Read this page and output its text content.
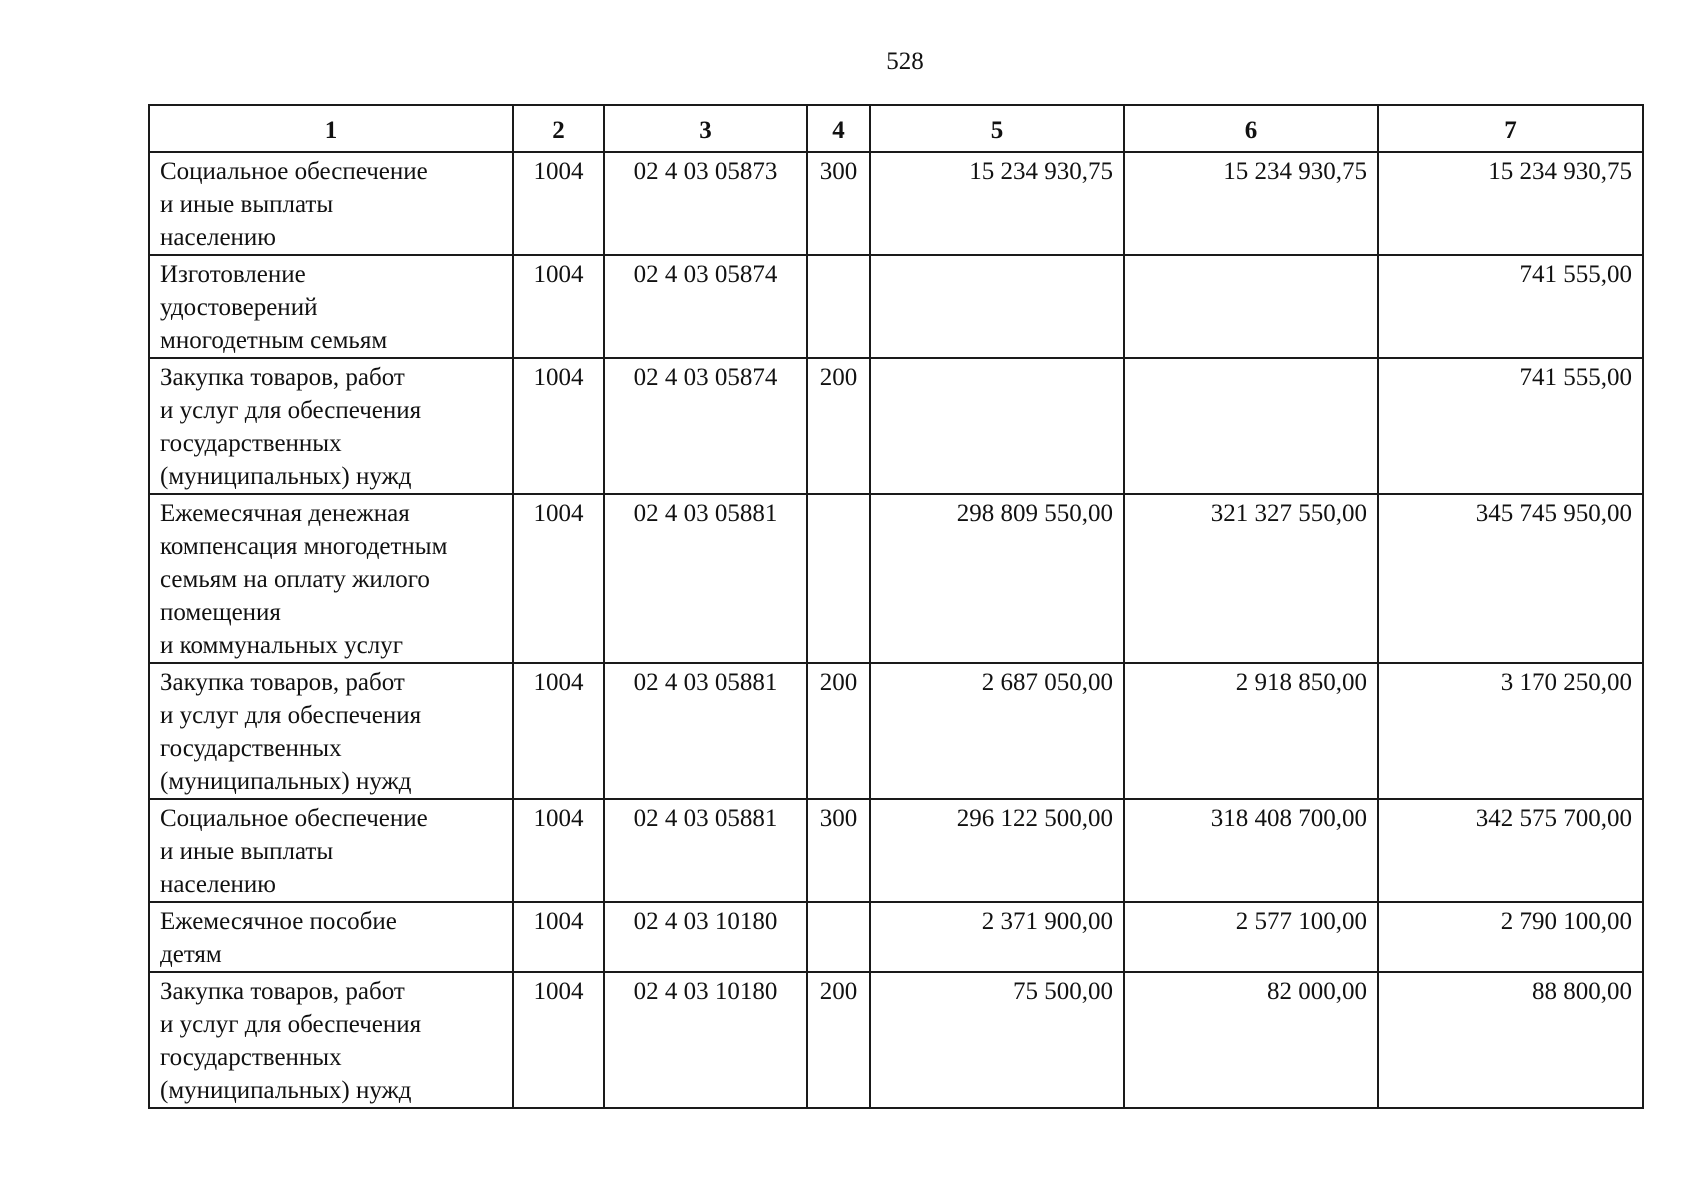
528
1	2	3	4	5	6	7

Социальное обеспечение
и иные выплаты
населению	1004	02 4 03 05873	300	15 234 930,75	15 234 930,75	15 234 930,75

Изготовление
удостоверений
многодетным семьям	1004	02 4 03 05874				741 555,00

Закупка товаров, работ
и услуг для обеспечения
государственных
(муниципальных) нужд	1004	02 4 03 05874	200			741 555,00

Ежемесячная денежная
компенсация многодетным
семьям на оплату жилого
помещения
и коммунальных услуг	1004	02 4 03 05881		298 809 550,00	321 327 550,00	345 745 950,00

Закупка товаров, работ
и услуг для обеспечения
государственных
(муниципальных) нужд	1004	02 4 03 05881	200	2 687 050,00	2 918 850,00	3 170 250,00

Социальное обеспечение
и иные выплаты
населению	1004	02 4 03 05881	300	296 122 500,00	318 408 700,00	342 575 700,00

Ежемесячное пособие
детям	1004	02 4 03 10180		2 371 900,00	2 577 100,00	2 790 100,00

Закупка товаров, работ
и услуг для обеспечения
государственных
(муниципальных) нужд	1004	02 4 03 10180	200	75 500,00	82 000,00	88 800,00
